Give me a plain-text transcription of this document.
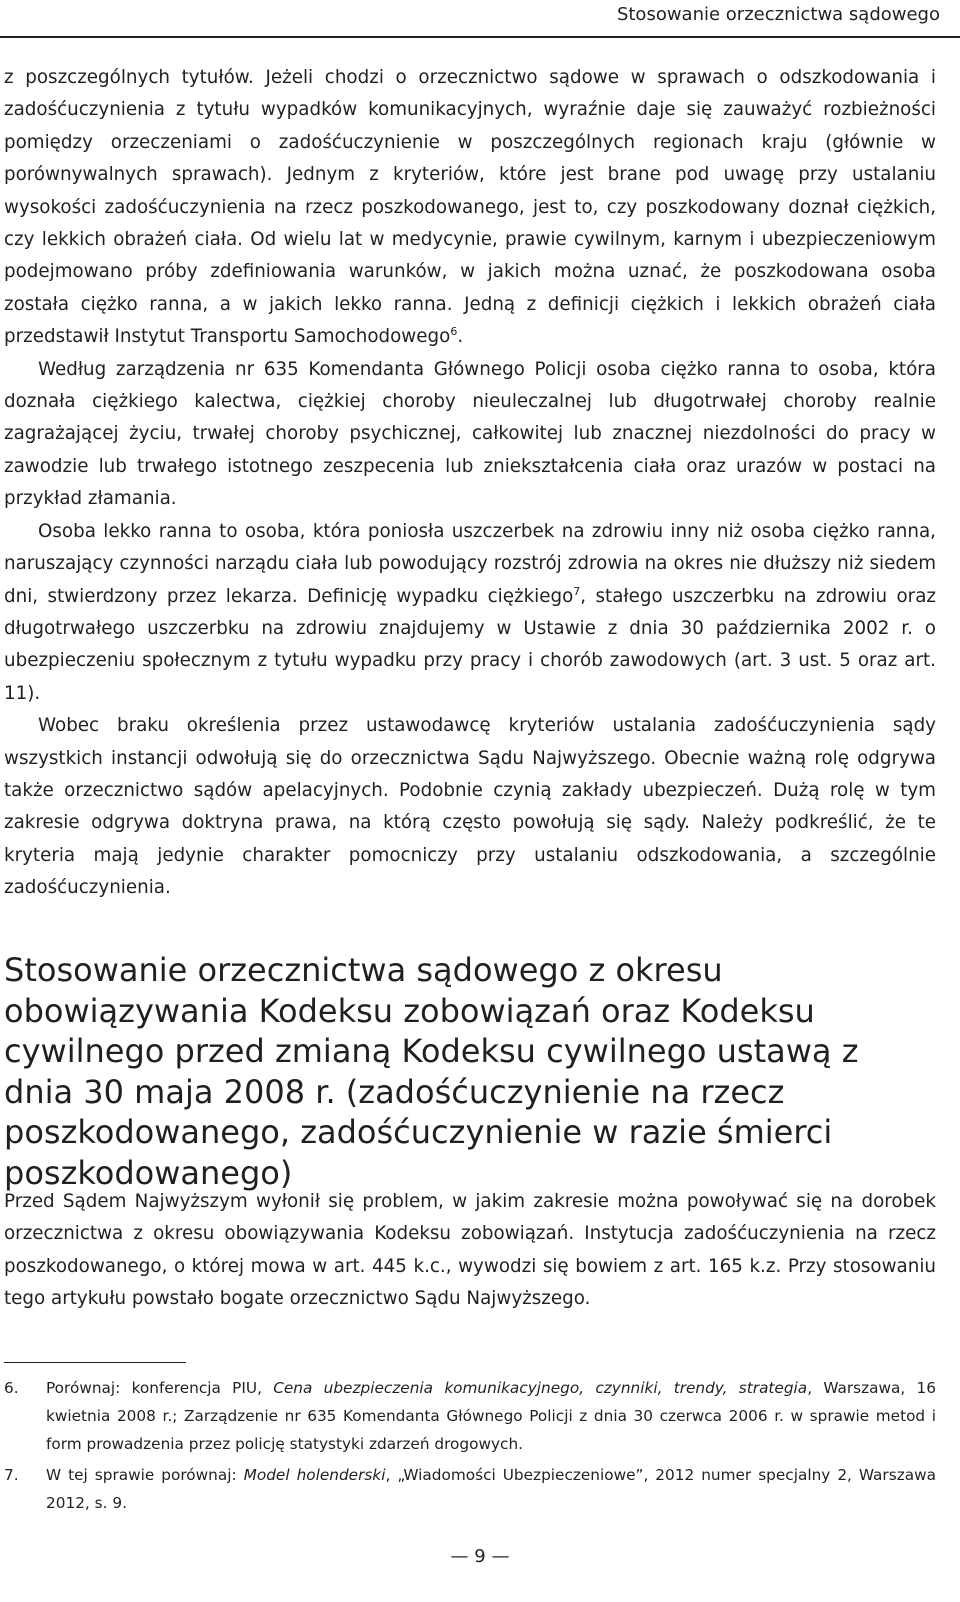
Stosowanie orzecznictwa sądowego

z poszczególnych tytułów. Jeżeli chodzi o orzecznictwo sądowe w sprawach o odszkodowania i zadośćuczynienia z tytułu wypadków komunikacyjnych, wyraźnie daje się zauważyć rozbieżności pomiędzy orzeczeniami o zadośćuczynienie w poszczególnych regionach kraju (głównie w porównywalnych sprawach). Jednym z kryteriów, które jest brane pod uwagę przy ustalaniu wysokości zadośćuczynienia na rzecz poszkodowanego, jest to, czy poszkodowany doznał ciężkich, czy lekkich obrażeń ciała. Od wielu lat w medycynie, prawie cywilnym, karnym i ubezpieczeniowym podejmowano próby zdefiniowania warunków, w jakich można uznać, że poszkodowana osoba została ciężko ranna, a w jakich lekko ranna. Jedną z definicji ciężkich i lekkich obrażeń ciała przedstawił Instytut Transportu Samochodowego$^6$.

Według zarządzenia nr 635 Komendanta Głównego Policji osoba ciężko ranna to osoba, która doznała ciężkiego kalectwa, ciężkiej choroby nieuleczalnej lub długotrwałej choroby realnie zagrażającej życiu, trwałej choroby psychicznej, całkowitej lub znacznej niezdolności do pracy w zawodzie lub trwałego istotnego zeszpecenia lub zniekształcenia ciała oraz urazów w postaci na przykład złamania.

Osoba lekko ranna to osoba, która poniosła uszczerbek na zdrowiu inny niż osoba ciężko ranna, naruszający czynności narządu ciała lub powodujący rozstrój zdrowia na okres nie dłuższy niż siedem dni, stwierdzony przez lekarza. Definicję wypadku ciężkiego$^7$, stałego uszczerbku na zdrowiu oraz długotrwałego uszczerbku na zdrowiu znajdujemy w Ustawie z dnia 30 października 2002 r. o ubezpieczeniu społecznym z tytułu wypadku przy pracy i chorób zawodowych (art. 3 ust. 5 oraz art. 11).

Wobec braku określenia przez ustawodawcę kryteriów ustalania zadośćuczynienia sądy wszystkich instancji odwołują się do orzecznictwa Sądu Najwyższego. Obecnie ważną rolę odgrywa także orzecznictwo sądów apelacyjnych. Podobnie czynią zakłady ubezpieczeń. Dużą rolę w tym zakresie odgrywa doktryna prawa, na którą często powołują się sądy. Należy podkreślić, że te kryteria mają jedynie charakter pomocniczy przy ustalaniu odszkodowania, a szczególnie zadośćuczynienia.

Stosowanie orzecznictwa sądowego z okresu obowiązywania Kodeksu zobowiązań oraz Kodeksu cywilnego przed zmianą Kodeksu cywilnego ustawą z dnia 30 maja 2008 r. (zadośćuczynienie na rzecz poszkodowanego, zadośćuczynienie w razie śmierci poszkodowanego)

Przed Sądem Najwyższym wyłonił się problem, w jakim zakresie można powoływać się na dorobek orzecznictwa z okresu obowiązywania Kodeksu zobowiązań. Instytucja zadośćuczynienia na rzecz poszkodowanego, o której mowa w art. 445 k.c., wywodzi się bowiem z art. 165 k.z. Przy stosowaniu tego artykułu powstało bogate orzecznictwo Sądu Najwyższego.

6.	Porównaj: konferencja PIU, Cena ubezpieczenia komunikacyjnego, czynniki, trendy, strategia, Warszawa, 16 kwietnia 2008 r.; Zarządzenie nr 635 Komendanta Głównego Policji z dnia 30 czerwca 2006 r. w sprawie metod i form prowadzenia przez policję statystyki zdarzeń drogowych.
7.	W tej sprawie porównaj: Model holenderski, „Wiadomości Ubezpieczeniowe”, 2012 numer specjalny 2, Warszawa 2012, s. 9.
— 9 —
